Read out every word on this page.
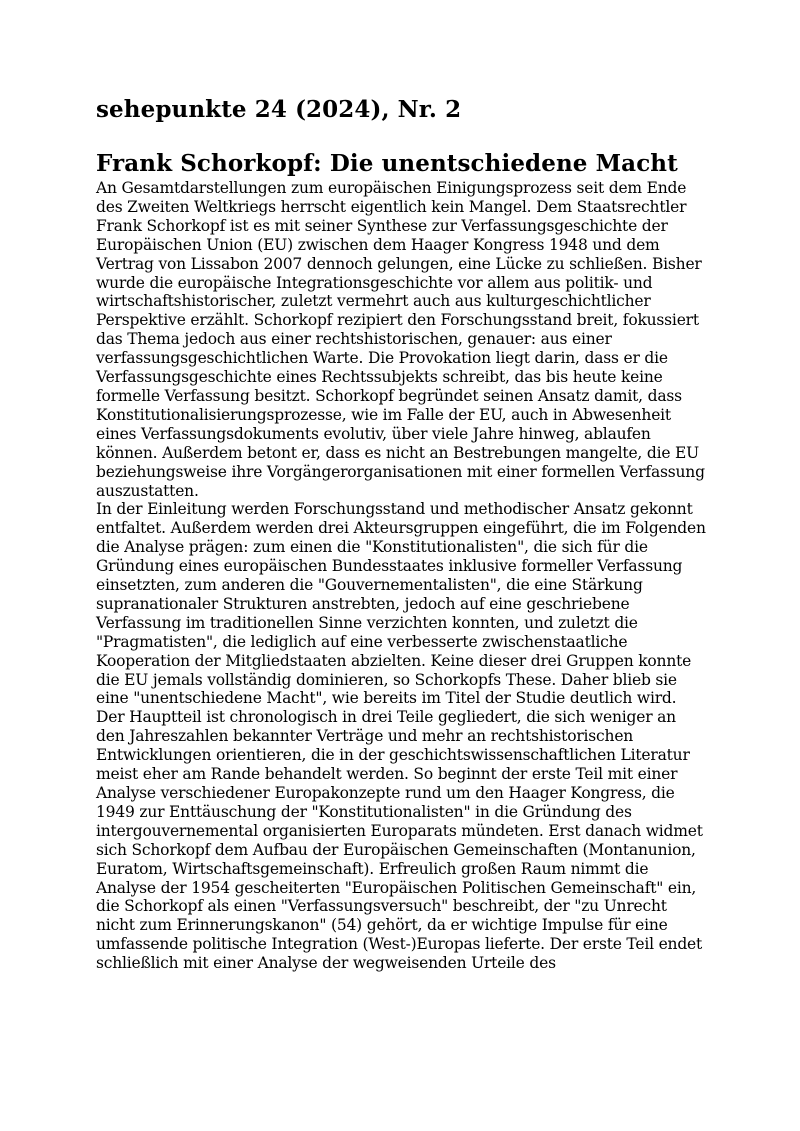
sehepunkte 24 (2024), Nr. 2
Frank Schorkopf: Die unentschiedene Macht

An Gesamtdarstellungen zum europäischen Einigungsprozess seit dem Ende des Zweiten Weltkriegs herrscht eigentlich kein Mangel. Dem Staatsrechtler Frank Schorkopf ist es mit seiner Synthese zur Verfassungsgeschichte der Europäischen Union (EU) zwischen dem Haager Kongress 1948 und dem Vertrag von Lissabon 2007 dennoch gelungen, eine Lücke zu schließen. Bisher wurde die europäische Integrationsgeschichte vor allem aus politik- und wirtschaftshistorischer, zuletzt vermehrt auch aus kulturgeschichtlicher Perspektive erzählt. Schorkopf rezipiert den Forschungsstand breit, fokussiert das Thema jedoch aus einer rechtshistorischen, genauer: aus einer verfassungsgeschichtlichen Warte. Die Provokation liegt darin, dass er die Verfassungsgeschichte eines Rechtssubjekts schreibt, das bis heute keine formelle Verfassung besitzt. Schorkopf begründet seinen Ansatz damit, dass Konstitutionalisierungsprozesse, wie im Falle der EU, auch in Abwesenheit eines Verfassungsdokuments evolutiv, über viele Jahre hinweg, ablaufen können. Außerdem betont er, dass es nicht an Bestrebungen mangelte, die EU beziehungsweise ihre Vorgängerorganisationen mit einer formellen Verfassung auszustatten.

In der Einleitung werden Forschungsstand und methodischer Ansatz gekonnt entfaltet. Außerdem werden drei Akteursgruppen eingeführt, die im Folgenden die Analyse prägen: zum einen die "Konstitutionalisten", die sich für die Gründung eines europäischen Bundesstaates inklusive formeller Verfassung einsetzten, zum anderen die "Gouvernementalisten", die eine Stärkung supranationaler Strukturen anstrebten, jedoch auf eine geschriebene Verfassung im traditionellen Sinne verzichten konnten, und zuletzt die "Pragmatisten", die lediglich auf eine verbesserte zwischenstaatliche Kooperation der Mitgliedstaaten abzielten. Keine dieser drei Gruppen konnte die EU jemals vollständig dominieren, so Schorkopfs These. Daher blieb sie eine "unentschiedene Macht", wie bereits im Titel der Studie deutlich wird.

Der Hauptteil ist chronologisch in drei Teile gegliedert, die sich weniger an den Jahreszahlen bekannter Verträge und mehr an rechtshistorischen Entwicklungen orientieren, die in der geschichtswissenschaftlichen Literatur meist eher am Rande behandelt werden. So beginnt der erste Teil mit einer Analyse verschiedener Europakonzepte rund um den Haager Kongress, die 1949 zur Enttäuschung der "Konstitutionalisten" in die Gründung des intergouvernemental organisierten Europarats mündeten. Erst danach widmet sich Schorkopf dem Aufbau der Europäischen Gemeinschaften (Montanunion, Euratom, Wirtschaftsgemeinschaft). Erfreulich großen Raum nimmt die Analyse der 1954 gescheiterten "Europäischen Politischen Gemeinschaft" ein, die Schorkopf als einen "Verfassungsversuch" beschreibt, der "zu Unrecht nicht zum Erinnerungskanon" (54) gehört, da er wichtige Impulse für eine umfassende politische Integration (West-)Europas lieferte. Der erste Teil endet schließlich mit einer Analyse der wegweisenden Urteile des
